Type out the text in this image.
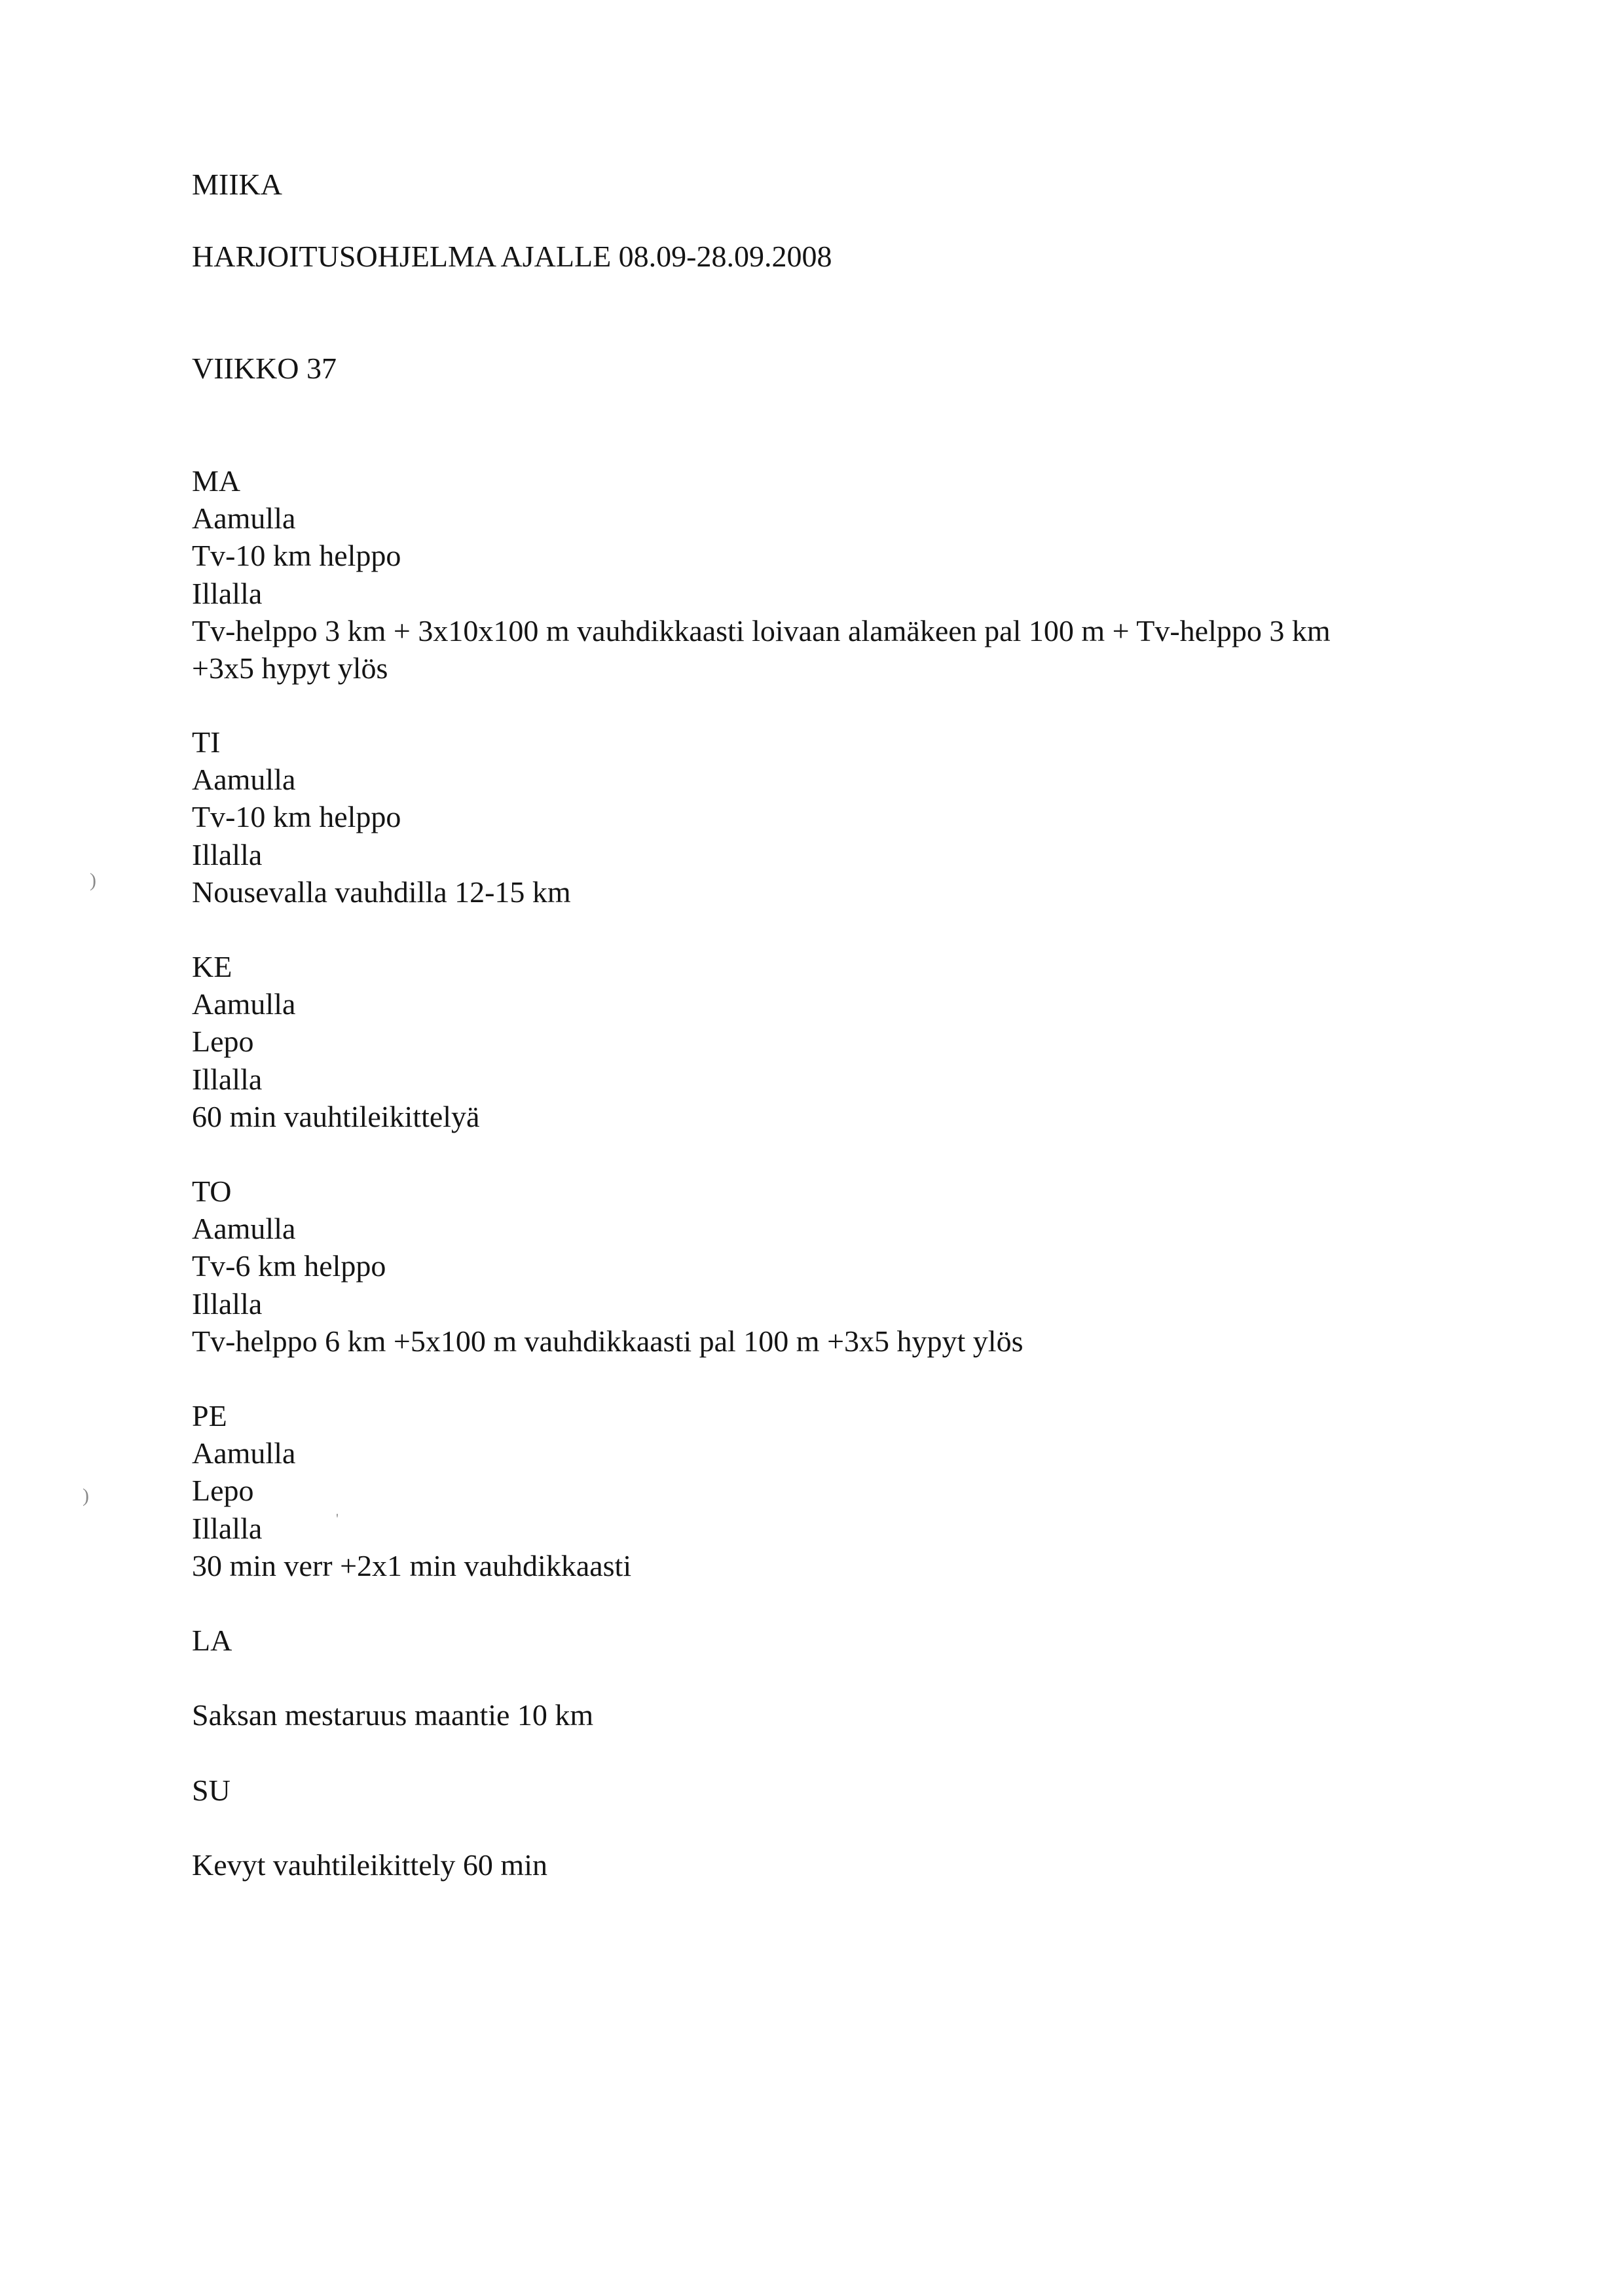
MIIKA
HARJOITUSOHJELMA AJALLE 08.09-28.09.2008
VIIKKO 37
MA
Aamulla
Tv-10 km helppo
Illalla
Tv-helppo 3 km + 3x10x100 m vauhdikkaasti loivaan alamäkeen pal 100 m + Tv-helppo 3 km
+3x5 hypyt ylös
TI
Aamulla
Tv-10 km helppo
Illalla
Nousevalla vauhdilla 12-15 km
KE
Aamulla
Lepo
Illalla
60 min vauhtileikittelyä
TO
Aamulla
Tv-6 km helppo
Illalla
Tv-helppo 6 km +5x100 m vauhdikkaasti pal 100 m +3x5 hypyt ylös
PE
Aamulla
Lepo
Illalla
30 min verr +2x1 min vauhdikkaasti
LA
Saksan mestaruus maantie 10 km
SU
Kevyt vauhtileikittely 60 min
)
)
'
